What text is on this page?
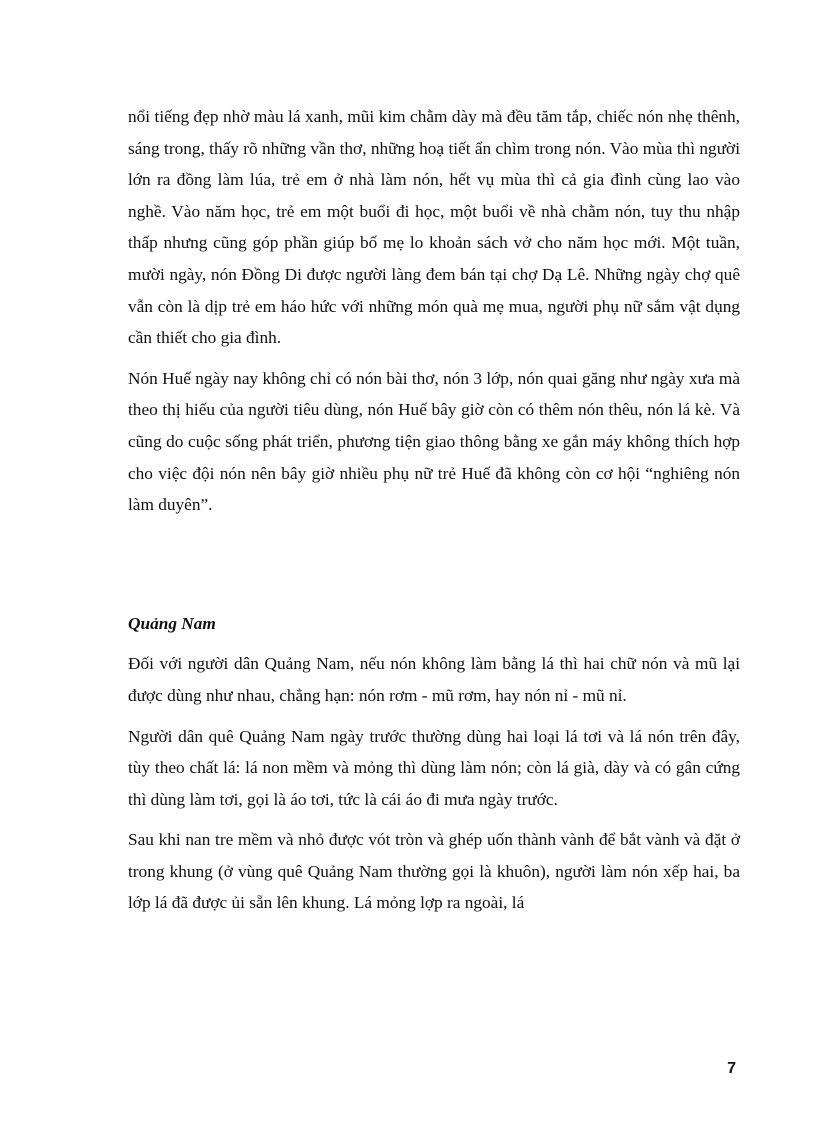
nổi tiếng đẹp nhờ màu lá xanh, mũi kim chằm dày mà đều tăm tắp, chiếc nón nhẹ thênh, sáng trong, thấy rõ những vần thơ, những hoạ tiết ẩn chìm trong nón. Vào mùa thì người lớn ra đồng làm lúa, trẻ em ở nhà làm nón, hết vụ mùa thì cả gia đình cùng lao vào nghề. Vào năm học, trẻ em một buổi đi học, một buổi về nhà chằm nón, tuy thu nhập thấp nhưng cũng góp phần giúp bố mẹ lo khoản sách vở cho năm học mới. Một tuần, mười ngày, nón Đồng Di được người làng đem bán tại chợ Dạ Lê. Những ngày chợ quê vẫn còn là dịp trẻ em háo hức với những món quà mẹ mua, người phụ nữ sắm vật dụng cần thiết cho gia đình.

Nón Huế ngày nay không chỉ có nón bài thơ, nón 3 lớp, nón quai găng như ngày xưa mà theo thị hiếu của người tiêu dùng, nón Huế bây giờ còn có thêm nón thêu, nón lá kè. Và cũng do cuộc sống phát triển, phương tiện giao thông bằng xe gắn máy không thích hợp cho việc đội nón nên bây giờ nhiều phụ nữ trẻ Huế đã không còn cơ hội “nghiêng nón làm duyên”.

Quảng Nam

Đối với người dân Quảng Nam, nếu nón không làm bằng lá thì hai chữ nón và mũ lại được dùng như nhau, chẳng hạn: nón rơm - mũ rơm, hay nón nỉ - mũ nỉ.

Người dân quê Quảng Nam ngày trước thường dùng hai loại lá tơi và lá nón trên đây, tùy theo chất lá: lá non mềm và mỏng thì dùng làm nón; còn lá già, dày và có gân cứng thì dùng làm tơi, gọi là áo tơi, tức là cái áo đi mưa ngày trước.

Sau khi nan tre mềm và nhỏ được vót tròn và ghép uốn thành vành để bắt vành và đặt ở trong khung (ở vùng quê Quảng Nam thường gọi là khuôn), người làm nón xếp hai, ba lớp lá đã được ủi sẵn lên khung. Lá mỏng lợp ra ngoài, lá

7
